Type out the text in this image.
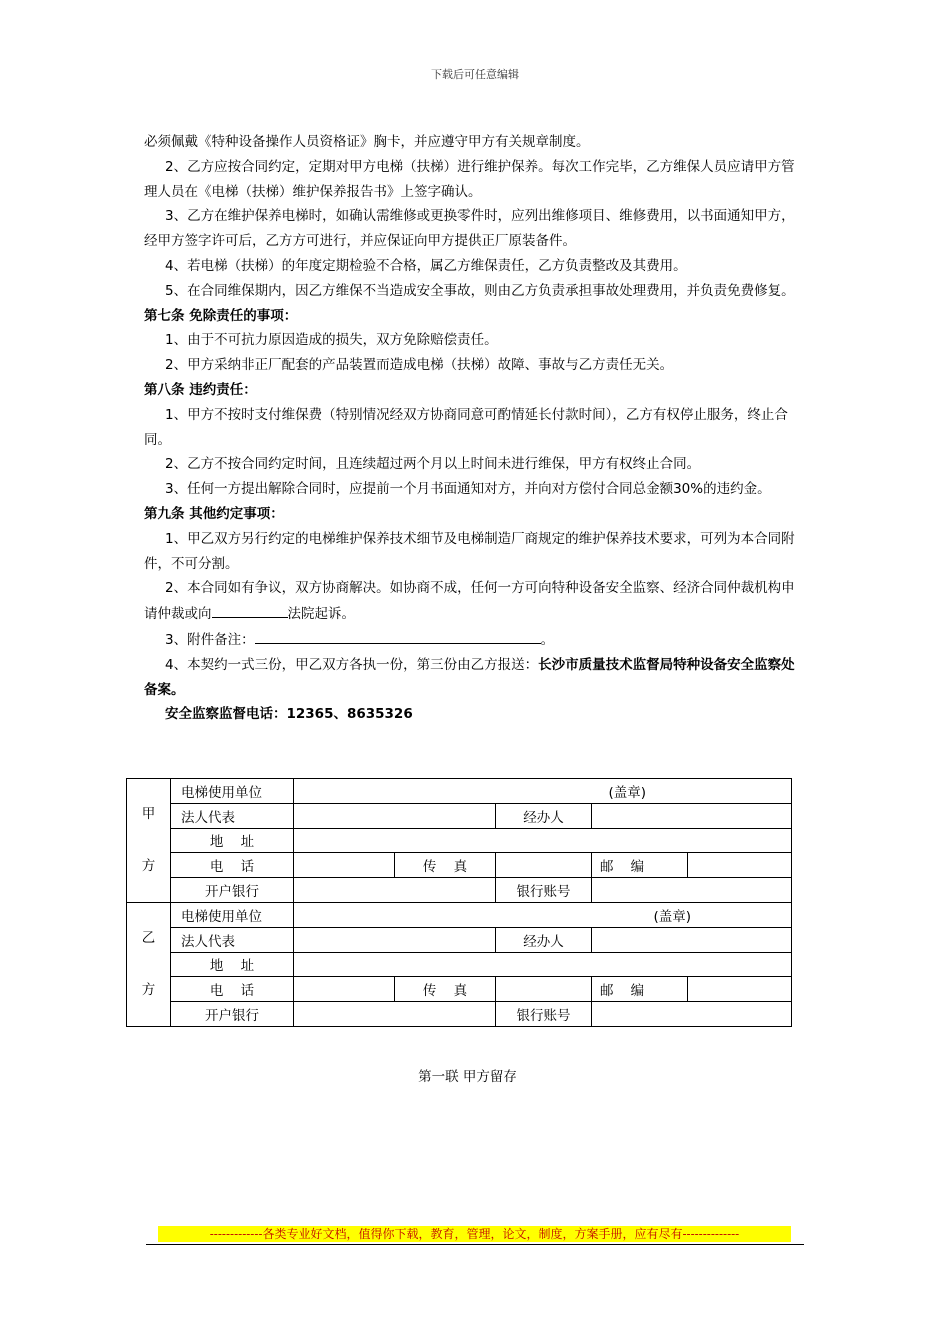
下载后可任意编辑

必须佩戴《特种设备操作人员资格证》胸卡，并应遵守甲方有关规章制度。

2、乙方应按合同约定，定期对甲方电梯（扶梯）进行维护保养。每次工作完毕，乙方维保人员应请甲方管理人员在《电梯（扶梯）维护保养报告书》上签字确认。

3、乙方在维护保养电梯时，如确认需维修或更换零件时，应列出维修项目、维修费用，以书面通知甲方，经甲方签字许可后，乙方方可进行，并应保证向甲方提供正厂原装备件。

4、若电梯（扶梯）的年度定期检验不合格，属乙方维保责任，乙方负责整改及其费用。

5、在合同维保期内，因乙方维保不当造成安全事故，则由乙方负责承担事故处理费用，并负责免费修复。

第七条 免除责任的事项：

1、由于不可抗力原因造成的损失，双方免除赔偿责任。

2、甲方采纳非正厂配套的产品装置而造成电梯（扶梯）故障、事故与乙方责任无关。

第八条 违约责任：

1、甲方不按时支付维保费（特别情况经双方协商同意可酌情延长付款时间），乙方有权停止服务，终止合同。

2、乙方不按合同约定时间，且连续超过两个月以上时间未进行维保，甲方有权终止合同。

3、任何一方提出解除合同时，应提前一个月书面通知对方，并向对方偿付合同总金额30%的违约金。

第九条 其他约定事项：

1、甲乙双方另行约定的电梯维护保养技术细节及电梯制造厂商规定的维护保养技术要求，可列为本合同附件，不可分割。

2、本合同如有争议，双方协商解决。如协商不成，任何一方可向特种设备安全监察、经济合同仲裁机构申请仲裁或向	法院起诉。

3、附件备注：	。

4、本契约一式三份，甲乙双方各执一份，第三份由乙方报送：长沙市质量技术监督局特种设备安全监察处备案。

安全监察监督电话：12365、8635326

甲

方	电梯使用单位	(盖章)				
	法人代表			经办人		
	地    址					
	电    话		传    真		邮    编	
	开户银行			银行账号		
乙

方	电梯使用单位	(盖章)				
	法人代表			经办人		
	地    址					
	电    话		传    真		邮    编	
	开户银行			银行账号		
第一联 甲方留存
-------------各类专业好文档，值得你下载，教育，管理，论文，制度，方案手册，应有尽有--------------
